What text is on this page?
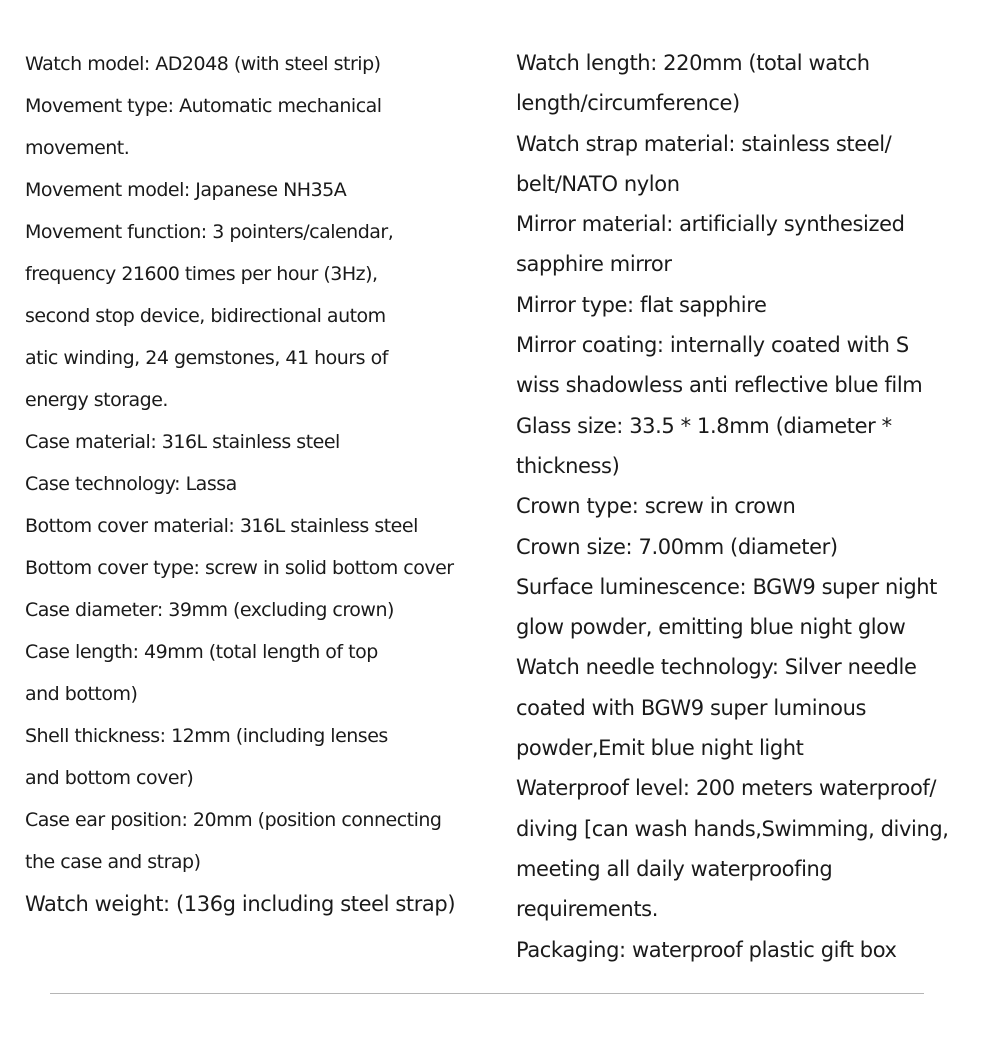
Watch model: AD2048 (with steel strip)
Movement type: Automatic mechanical
movement.
Movement model: Japanese NH35A
Movement function: 3 pointers/calendar,
frequency 21600 times per hour (3Hz),
second stop device, bidirectional autom
atic winding, 24 gemstones, 41 hours of
energy storage.
Case material: 316L stainless steel
Case technology: Lassa
Bottom cover material: 316L stainless steel
Bottom cover type: screw in solid bottom cover
Case diameter: 39mm (excluding crown)
Case length: 49mm (total length of top
and bottom)
Shell thickness: 12mm (including lenses
and bottom cover)
Case ear position: 20mm (position connecting
the case and strap)
Watch weight: (136g including steel strap)
Watch length: 220mm (total watch
length/circumference)
Watch strap material: stainless steel/
belt/NATO nylon
Mirror material: artificially synthesized
sapphire mirror
Mirror type: flat sapphire
Mirror coating: internally coated with S
wiss shadowless anti reflective blue film
Glass size: 33.5 * 1.8mm (diameter *
thickness)
Crown type: screw in crown
Crown size: 7.00mm (diameter)
Surface luminescence: BGW9 super night
glow powder, emitting blue night glow
Watch needle technology: Silver needle
coated with BGW9 super luminous
powder,Emit blue night light
Waterproof level: 200 meters waterproof/
diving [can wash hands,Swimming, diving,
meeting all daily waterproofing
requirements.
Packaging: waterproof plastic gift box
